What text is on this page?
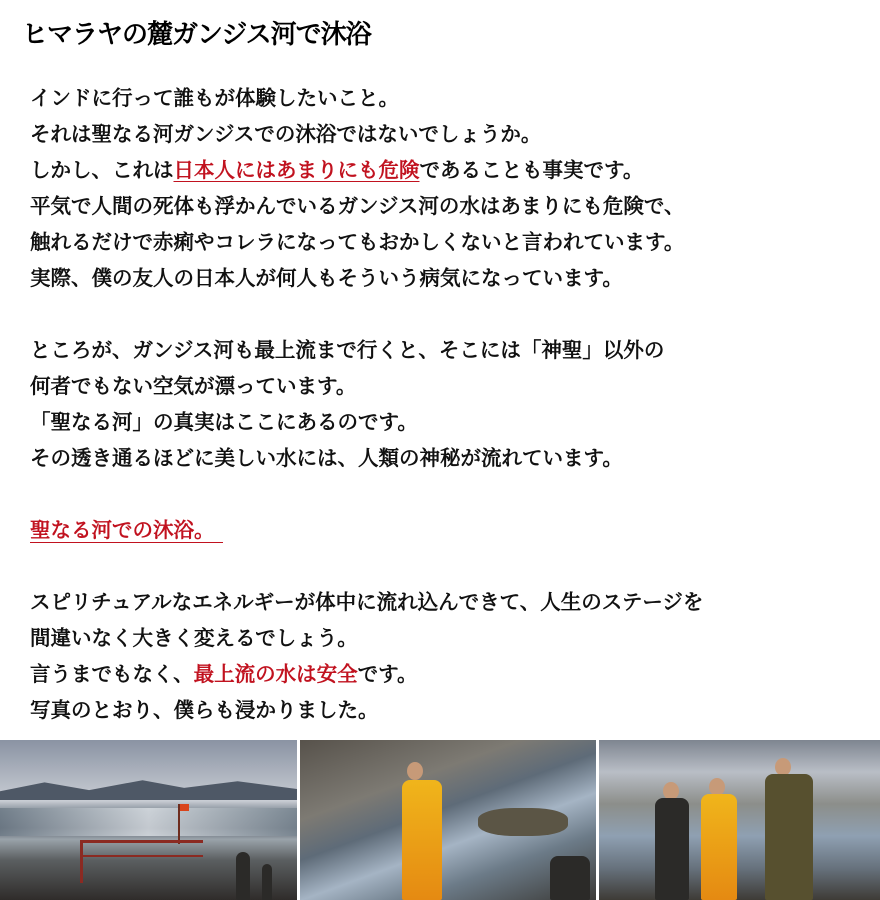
ヒマラヤの麓ガンジス河で沐浴
インドに行って誰もが体験したいこと。
それは聖なる河ガンジスでの沐浴ではないでしょうか。
しかし、これは日本人にはあまりにも危険であることも事実です。
平気で人間の死体も浮かんでいるガンジス河の水はあまりにも危険で、
触れるだけで赤痢やコレラになってもおかしくないと言われています。
実際、僕の友人の日本人が何人もそういう病気になっています。
ところが、ガンジス河も最上流まで行くと、そこには「神聖」以外の
何者でもない空気が漂っています。
「聖なる河」の真実はここにあるのです。
その透き通るほどに美しい水には、人類の神秘が流れています。
聖なる河での沐浴。
スピリチュアルなエネルギーが体中に流れ込んできて、人生のステージを
間違いなく大きく変えるでしょう。
言うまでもなく、最上流の水は安全です。
写真のとおり、僕らも浸かりました。
